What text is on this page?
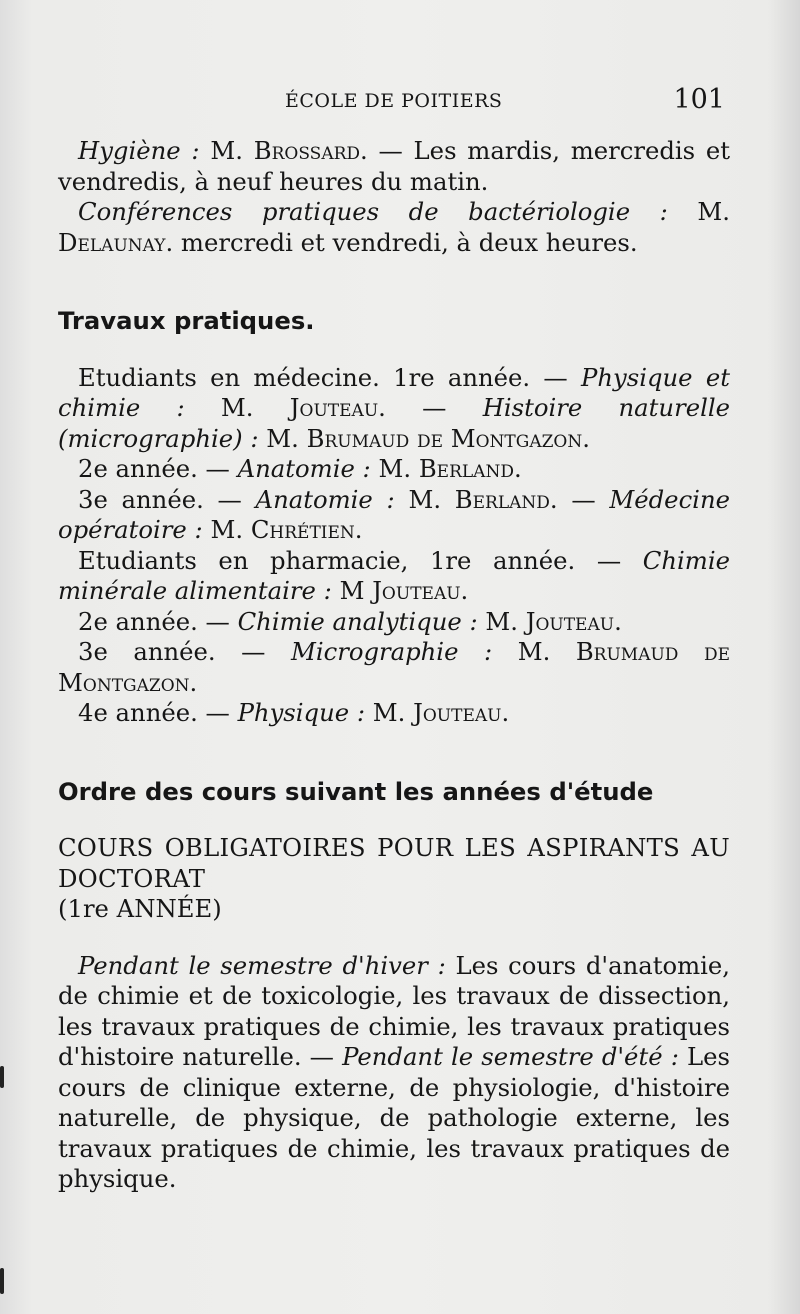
ÉCOLE DE POITIERS	101

Hygiène : M. Brossard. — Les mardis, mercredis et vendredis, à neuf heures du matin.

Conférences pratiques de bactériologie : M. Delaunay. mercredi et vendredi, à deux heures.

Travaux pratiques.

Etudiants en médecine. 1re année. — Physique et chimie : M. Jouteau. — Histoire naturelle (micrographie) : M. Brumaud de Montgazon.

2e année. — Anatomie : M. Berland.

3e année. — Anatomie : M. Berland. — Médecine opératoire : M. Chrétien.

Etudiants en pharmacie, 1re année. — Chimie minérale alimentaire : M Jouteau.

2e année. — Chimie analytique : M. Jouteau.

3e année. — Micrographie : M. Brumaud de Montgazon.

4e année. — Physique : M. Jouteau.

Ordre des cours suivant les années d'étude

COURS OBLIGATOIRES POUR LES ASPIRANTS AU DOCTORAT

(1re ANNÉE)

Pendant le semestre d'hiver : Les cours d'anatomie, de chimie et de toxicologie, les travaux de dissection, les travaux pratiques de chimie, les travaux pratiques d'histoire naturelle. — Pendant le semestre d'été : Les cours de clinique externe, de physiologie, d'histoire naturelle, de physique, de pathologie externe, les travaux pratiques de chimie, les travaux pratiques de physique.
